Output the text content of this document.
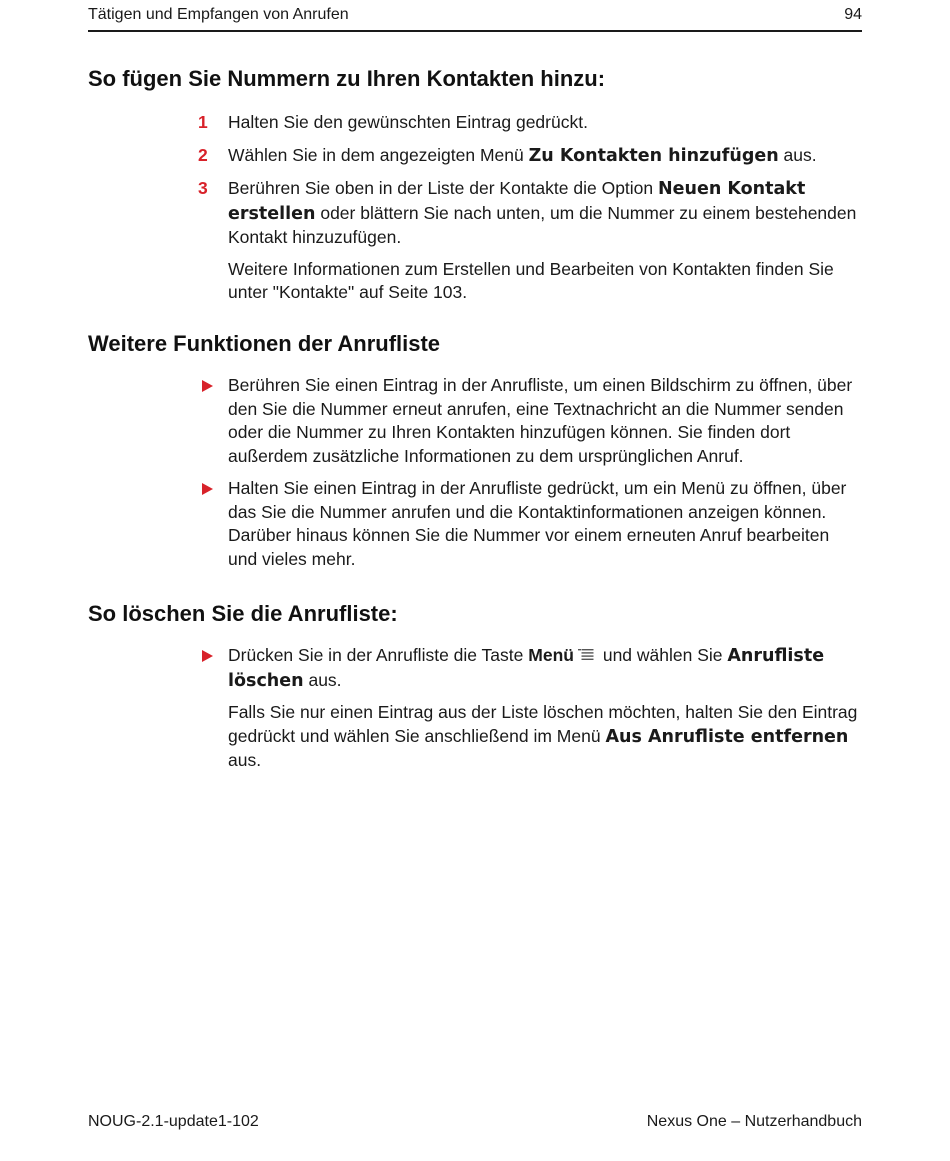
Tätigen und Empfangen von Anrufen	94
So fügen Sie Nummern zu Ihren Kontakten hinzu:
1	Halten Sie den gewünschten Eintrag gedrückt.
2	Wählen Sie in dem angezeigten Menü Zu Kontakten hinzufügen aus.
3	Berühren Sie oben in der Liste der Kontakte die Option Neuen Kontakt erstellen oder blättern Sie nach unten, um die Nummer zu einem bestehenden Kontakt hinzuzufügen.
Weitere Informationen zum Erstellen und Bearbeiten von Kontakten finden Sie unter "Kontakte" auf Seite 103.
Weitere Funktionen der Anrufliste
Berühren Sie einen Eintrag in der Anrufliste, um einen Bildschirm zu öffnen, über den Sie die Nummer erneut anrufen, eine Textnachricht an die Nummer senden oder die Nummer zu Ihren Kontakten hinzufügen können. Sie finden dort außerdem zusätzliche Informationen zu dem ursprünglichen Anruf.
Halten Sie einen Eintrag in der Anrufliste gedrückt, um ein Menü zu öffnen, über das Sie die Nummer anrufen und die Kontaktinformationen anzeigen können. Darüber hinaus können Sie die Nummer vor einem erneuten Anruf bearbeiten und vieles mehr.
So löschen Sie die Anrufliste:
Drücken Sie in der Anrufliste die Taste Menü und wählen Sie Anrufliste löschen aus.
Falls Sie nur einen Eintrag aus der Liste löschen möchten, halten Sie den Eintrag gedrückt und wählen Sie anschließend im Menü Aus Anrufliste entfernen aus.
NOUG-2.1-update1-102	Nexus One – Nutzerhandbuch
